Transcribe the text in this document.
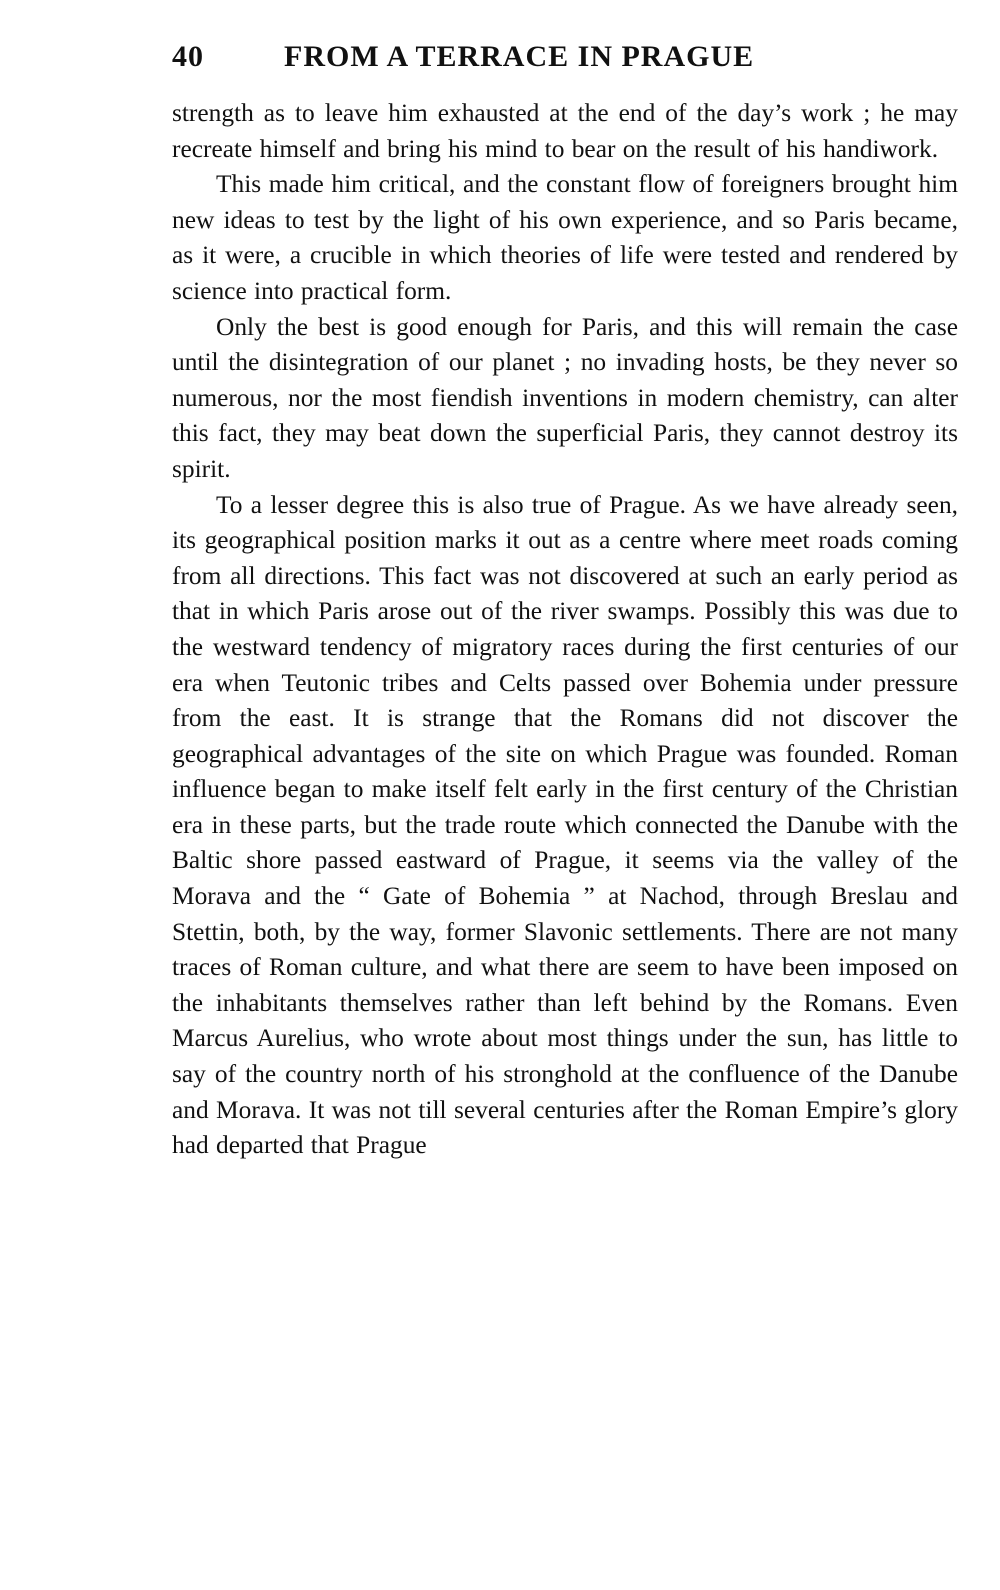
40	FROM A TERRACE IN PRAGUE

strength as to leave him exhausted at the end of the day’s work ; he may recreate himself and bring his mind to bear on the result of his handiwork.

This made him critical, and the constant flow of foreigners brought him new ideas to test by the light of his own experience, and so Paris became, as it were, a crucible in which theories of life were tested and rendered by science into practical form.

Only the best is good enough for Paris, and this will remain the case until the disintegration of our planet ; no invading hosts, be they never so numerous, nor the most fiendish inventions in modern chemistry, can alter this fact, they may beat down the superficial Paris, they cannot destroy its spirit.

To a lesser degree this is also true of Prague. As we have already seen, its geographical position marks it out as a centre where meet roads coming from all directions. This fact was not discovered at such an early period as that in which Paris arose out of the river swamps. Possibly this was due to the westward tendency of migratory races during the first centuries of our era when Teutonic tribes and Celts passed over Bohemia under pressure from the east. It is strange that the Romans did not discover the geographical advantages of the site on which Prague was founded. Roman influence began to make itself felt early in the first century of the Christian era in these parts, but the trade route which connected the Danube with the Baltic shore passed eastward of Prague, it seems via the valley of the Morava and the “ Gate of Bohemia ” at Nachod, through Breslau and Stettin, both, by the way, former Slavonic settlements. There are not many traces of Roman culture, and what there are seem to have been imposed on the inhabitants themselves rather than left behind by the Romans. Even Marcus Aurelius, who wrote about most things under the sun, has little to say of the country north of his stronghold at the confluence of the Danube and Morava. It was not till several centuries after the Roman Empire’s glory had departed that Prague
